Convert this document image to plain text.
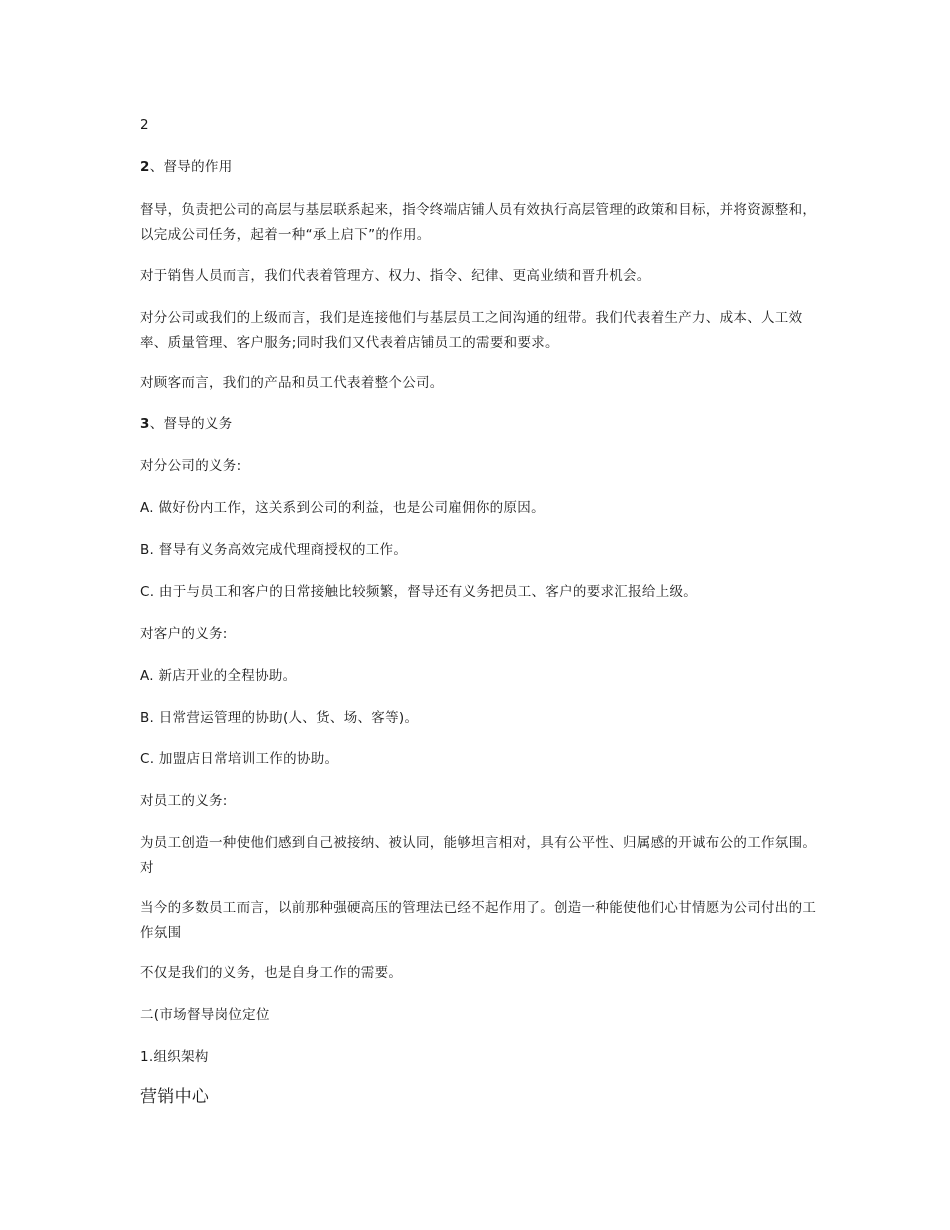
2
2、督导的作用
督导，负责把公司的高层与基层联系起来，指令终端店铺人员有效执行高层管理的政策和目标，并将资源整和，以完成公司任务，起着一种“承上启下”的作用。
对于销售人员而言，我们代表着管理方、权力、指令、纪律、更高业绩和晋升机会。
对分公司或我们的上级而言，我们是连接他们与基层员工之间沟通的纽带。我们代表着生产力、成本、人工效率、质量管理、客户服务;同时我们又代表着店铺员工的需要和要求。
对顾客而言，我们的产品和员工代表着整个公司。
3、督导的义务
对分公司的义务:
A. 做好份内工作，这关系到公司的利益，也是公司雇佣你的原因。
B. 督导有义务高效完成代理商授权的工作。
C. 由于与员工和客户的日常接触比较频繁，督导还有义务把员工、客户的要求汇报给上级。
对客户的义务:
A. 新店开业的全程协助。
B. 日常营运管理的协助(人、货、场、客等)。
C. 加盟店日常培训工作的协助。
对员工的义务:
为员工创造一种使他们感到自己被接纳、被认同，能够坦言相对，具有公平性、归属感的开诚布公的工作氛围。对
当今的多数员工而言，以前那种强硬高压的管理法已经不起作用了。创造一种能使他们心甘情愿为公司付出的工作氛围
不仅是我们的义务，也是自身工作的需要。
二(市场督导岗位定位
1.组织架构
营销中心
